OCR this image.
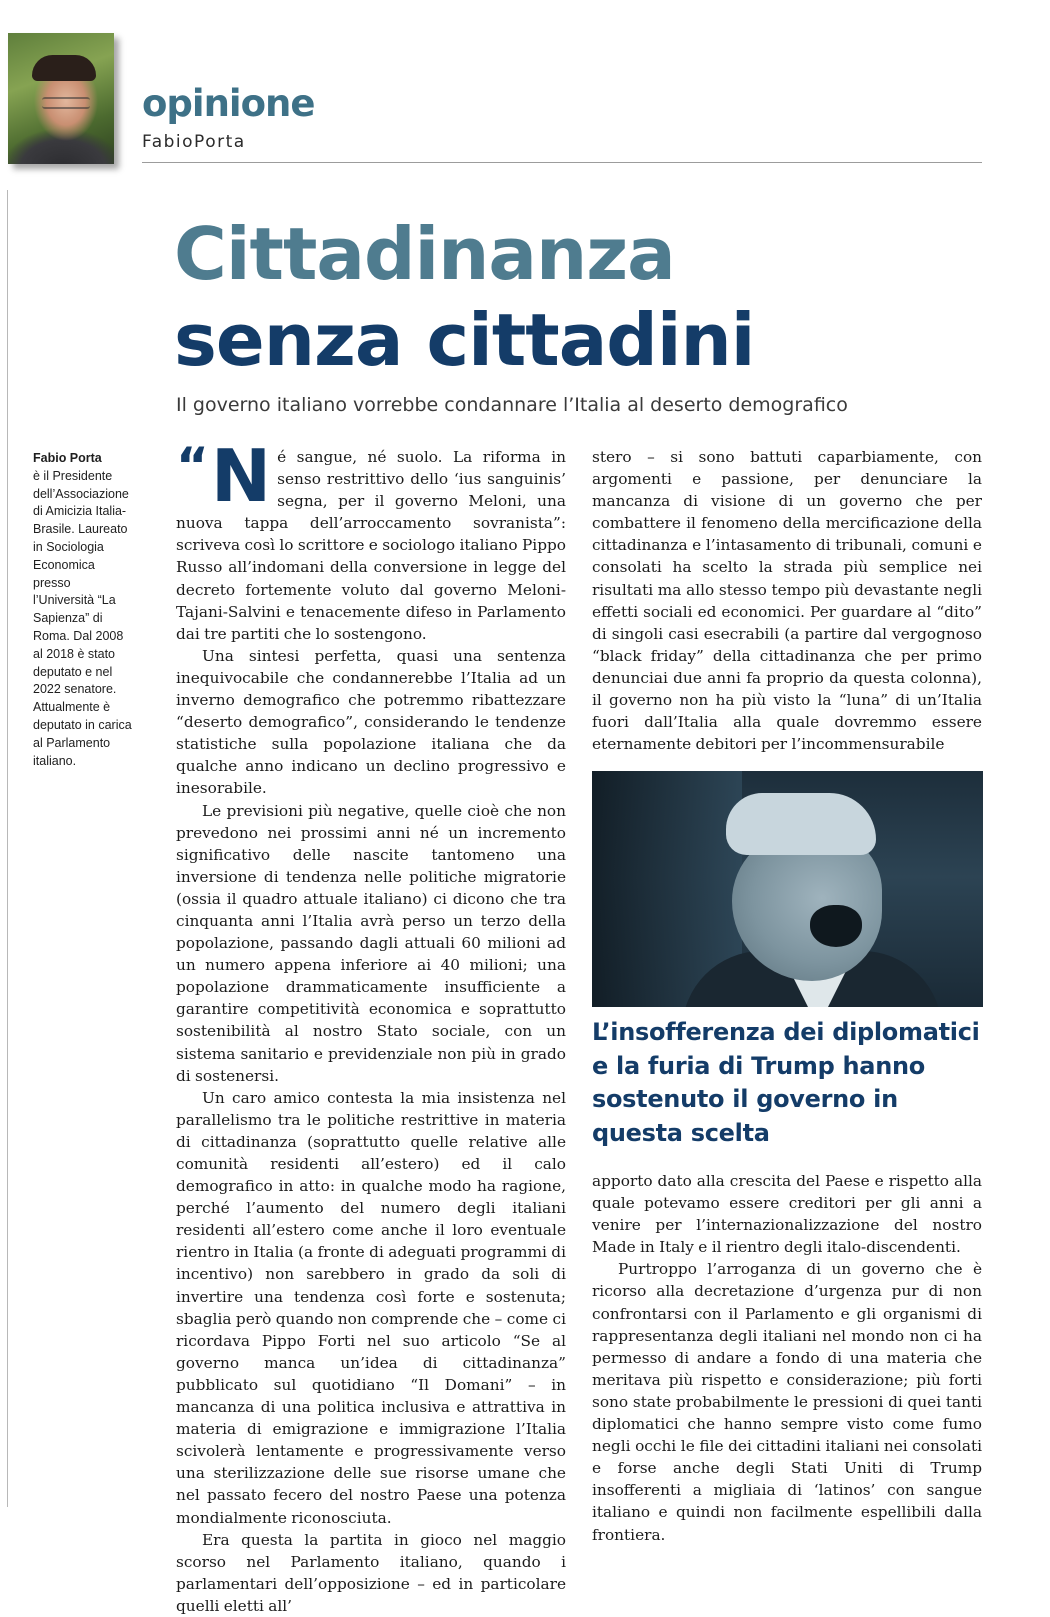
opinione
FabioPorta
Cittadinanza
senza cittadini
Il governo italiano vorrebbe condannare l’Italia al deserto demografico
Fabio Porta
è il Presidente dell’Associazione di Amicizia Italia-Brasile. Laureato in Sociologia Economica presso l’Università “La Sapienza” di Roma. Dal 2008 al 2018 è stato deputato e nel 2022 senatore. Attualmente è deputato in carica al Parlamento italiano.

“ N é sangue, né suolo. La riforma in senso restrittivo dello ‘ius sanguinis’ segna, per il governo Meloni, una nuova tappa dell’arroccamento sovranista”: scriveva così lo scrittore e sociologo italiano Pippo Russo all’indomani della conversione in legge del decreto fortemente voluto dal governo Meloni-Tajani-Salvini e tenacemente difeso in Parlamento dai tre partiti che lo sostengono.

Una sintesi perfetta, quasi una sentenza inequivocabile che condannerebbe l’Italia ad un inverno demografico che potremmo ribattezzare “deserto demografico”, considerando le tendenze statistiche sulla popolazione italiana che da qualche anno indicano un declino progressivo e inesorabile.

Le previsioni più negative, quelle cioè che non prevedono nei prossimi anni né un incremento significativo delle nascite tantomeno una inversione di tendenza nelle politiche migratorie (ossia il quadro attuale italiano) ci dicono che tra cinquanta anni l’Italia avrà perso un terzo della popolazione, passando dagli attuali 60 milioni ad un numero appena inferiore ai 40 milioni; una popolazione drammaticamente insufficiente a garantire competitività economica e soprattutto sostenibilità al nostro Stato sociale, con un sistema sanitario e previdenziale non più in grado di sostenersi.

Un caro amico contesta la mia insistenza nel parallelismo tra le politiche restrittive in materia di cittadinanza (soprattutto quelle relative alle comunità residenti all’estero) ed il calo demografico in atto: in qualche modo ha ragione, perché l’aumento del numero degli italiani residenti all’estero come anche il loro eventuale rientro in Italia (a fronte di adeguati programmi di incentivo) non sarebbero in grado da soli di invertire una tendenza così forte e sostenuta; sbaglia però quando non comprende che – come ci ricordava Pippo Forti nel suo articolo “Se al governo manca un’idea di cittadinanza” pubblicato sul quotidiano “Il Domani” – in mancanza di una politica inclusiva e attrattiva in materia di emigrazione e immigrazione l’Italia scivolerà lentamente e progressivamente verso una sterilizzazione delle sue risorse umane che nel passato fecero del nostro Paese una potenza mondialmente riconosciuta.

Era questa la partita in gioco nel maggio scorso nel Parlamento italiano, quando i parlamentari dell’opposizione – ed in particolare quelli eletti all’

stero – si sono battuti caparbiamente, con argomenti e passione, per denunciare la mancanza di visione di un governo che per combattere il fenomeno della mercificazione della cittadinanza e l’intasamento di tribunali, comuni e consolati ha scelto la strada più semplice nei risultati ma allo stesso tempo più devastante negli effetti sociali ed economici. Per guardare al “dito” di singoli casi esecrabili (a partire dal vergognoso “black friday” della cittadinanza che per primo denunciai due anni fa proprio da questa colonna), il governo non ha più visto la “luna” di un’Italia fuori dall’Italia alla quale dovremmo essere eternamente debitori per l’incommensurabile

L’insofferenza dei diplomatici e la furia di Trump hanno sostenuto il governo in questa scelta

apporto dato alla crescita del Paese e rispetto alla quale potevamo essere creditori per gli anni a venire per l’internazionalizzazione del nostro Made in Italy e il rientro degli italo-discendenti.

Purtroppo l’arroganza di un governo che è ricorso alla decretazione d’urgenza pur di non confrontarsi con il Parlamento e gli organismi di rappresentanza degli italiani nel mondo non ci ha permesso di andare a fondo di una materia che meritava più rispetto e considerazione; più forti sono state probabilmente le pressioni di quei tanti diplomatici che hanno sempre visto come fumo negli occhi le file dei cittadini italiani nei consolati e forse anche degli Stati Uniti di Trump insofferenti a migliaia di ‘latinos’ con sangue italiano e quindi non facilmente espellibili dalla frontiera.
